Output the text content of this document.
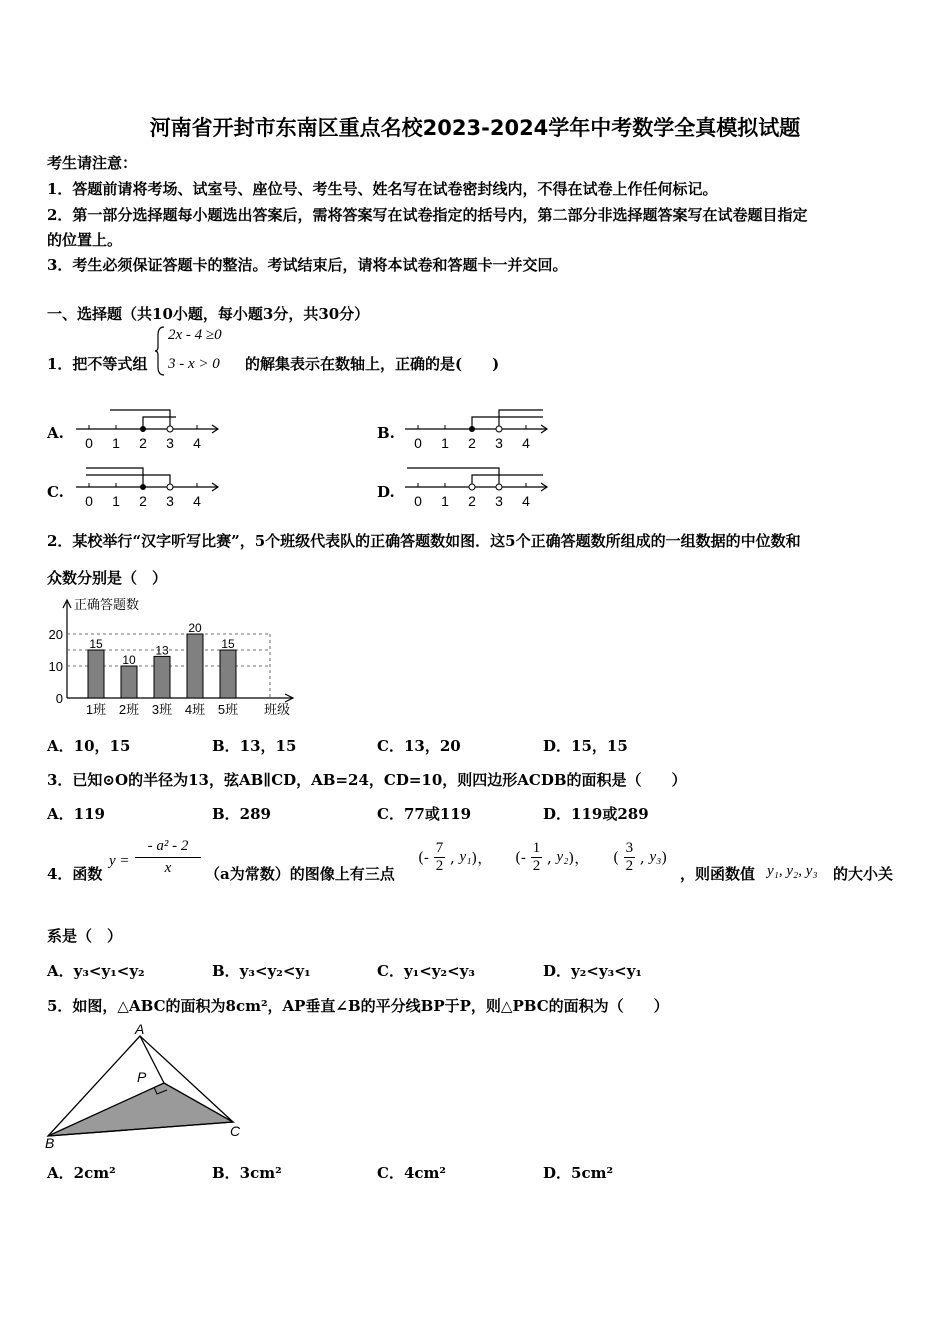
河南省开封市东南区重点名校2023-2024学年中考数学全真模拟试题
考生请注意：
1．答题前请将考场、试室号、座位号、考生号、姓名写在试卷密封线内，不得在试卷上作任何标记。
2．第一部分选择题每小题选出答案后，需将答案写在试卷指定的括号内，第二部分非选择题答案写在试卷题目指定
的位置上。
3．考生必须保证答题卡的整洁。考试结束后，请将本试卷和答题卡一并交回。
一、选择题（共10小题，每小题3分，共30分）
1．把不等式组
2x - 4 ≥0
3 - x > 0 的解集表示在数轴上，正确的是(　　)
A.	B.
C.	D.
0 1 2 3 4	0 1 2 3 4
0 1 2 3 4	0 1 2 3 4
2．某校举行“汉字听写比赛”，5个班级代表队的正确答题数如图．这5个正确答题数所组成的一组数据的中位数和
众数分别是（　）
正确答题数
班级
0
10
20
15
1班
10
2班
13
3班
20
4班
15
5班
A．10，15	B．13，15	C．13，20	D．15，15
3．已知⊙O的半径为13，弦AB∥CD，AB=24，CD=10，则四边形ACDB的面积是（　　）
A．119	B．289	C．77或119	D．119或289
4．函数
$y = \frac{\text{- a² - 2}}{x} (a$为常数）的图像上有三点
(- $\frac{7}{2}$ , y₁)， (- $\frac{1}{2}$ , y₂)， ( $\frac{3}{2}$ , y₃)
，则函数值 y₁, y₂, y₃ 的大小关
系是（　）
A．y₃<y₁<y₂	B．y₃<y₂<y₁	C．y₁<y₂<y₃	D．y₂<y₃<y₁
5．如图，△ABC的面积为8cm²，AP垂直∠B的平分线BP于P，则△PBC的面积为（　　）
A
P
B
C
A．2cm²	B．3cm²	C．4cm²	D．5cm²
